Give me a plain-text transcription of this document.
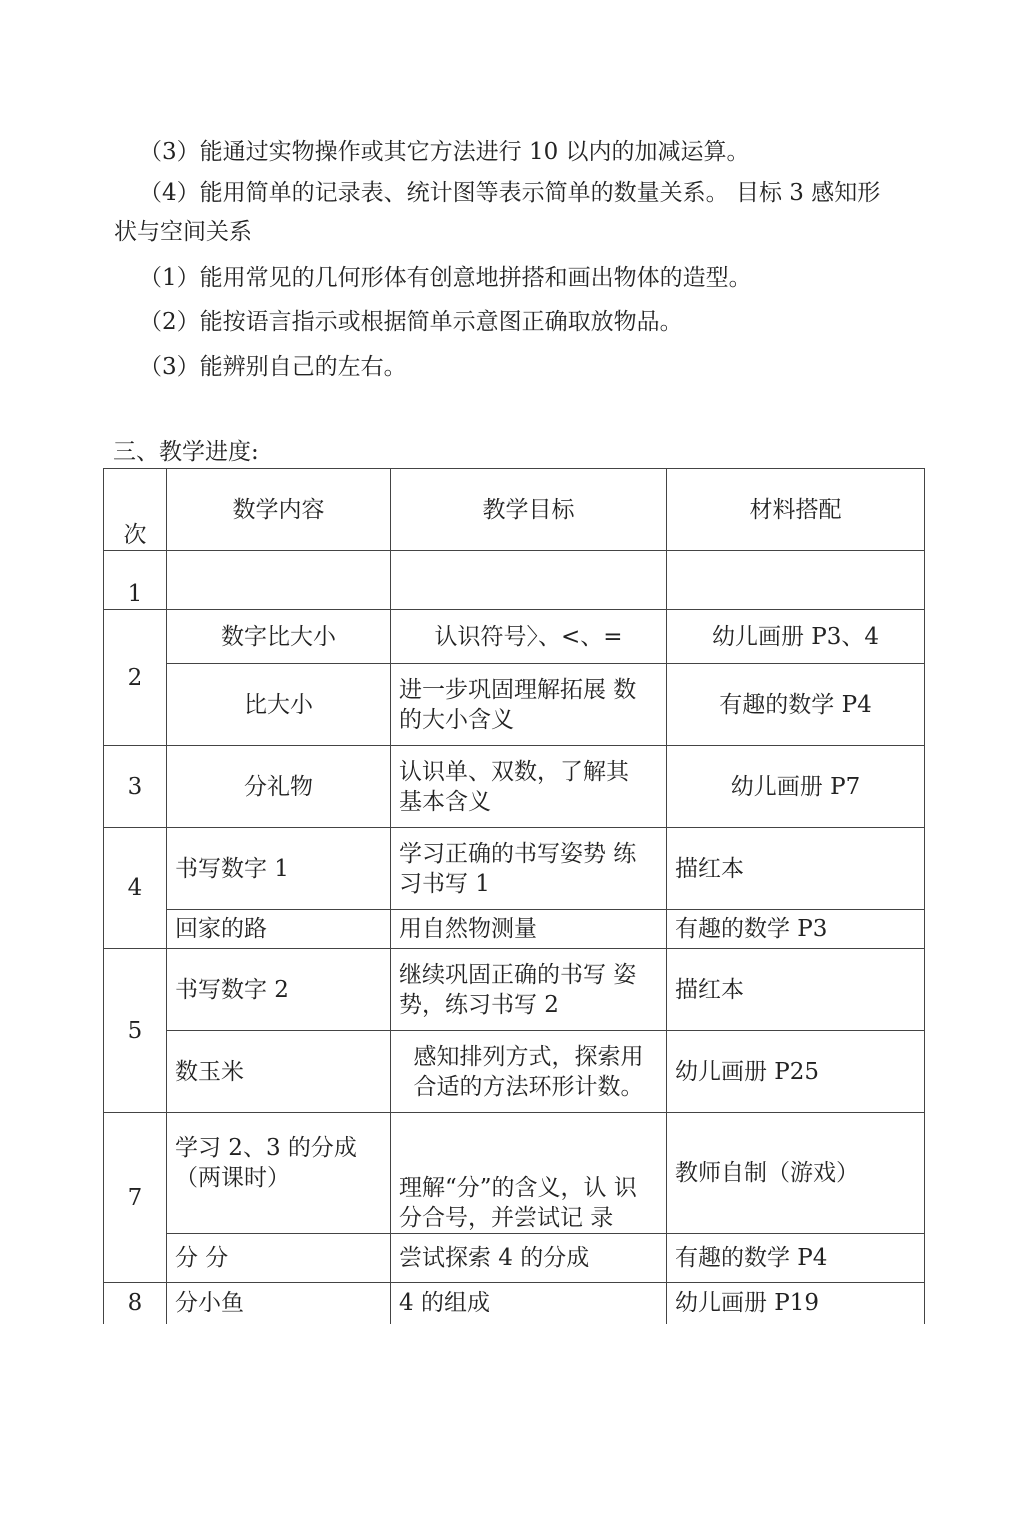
（3）能通过实物操作或其它方法进行 10 以内的加减运算。

（4）能用简单的记录表、统计图等表示简单的数量关系。 目标 3 感知形

状与空间关系

（1）能用常见的几何形体有创意地拼搭和画出物体的造型。

（2）能按语言指示或根据简单示意图正确取放物品。

（3）能辨别自己的左右。

三、教学进度:

次	数学内容	教学目标	材料搭配
1			
2	数字比大小	认识符号〉、<、=	幼儿画册 P3、4
	比大小	进一步巩固理解拓展 数的大小含义	有趣的数学 P4
3	分礼物	认识单、双数，了解其 基本含义	幼儿画册 P7
4	书写数字 1	学习正确的书写姿势 练习书写 1	描红本
	回家的路	用自然物测量	有趣的数学 P3
5	书写数字 2	继续巩固正确的书写 姿势，练习书写 2	描红本
	数玉米	感知排列方式，探索用 合适的方法环形计数。	幼儿画册 P25
7	学习 2、3 的分成 （两课时）	理解“分”的含义，认 识分合号，并尝试记 录	教师自制（游戏）
	分 分	尝试探索 4 的分成	有趣的数学 P4
8	分小鱼	4 的组成	幼儿画册 P19
